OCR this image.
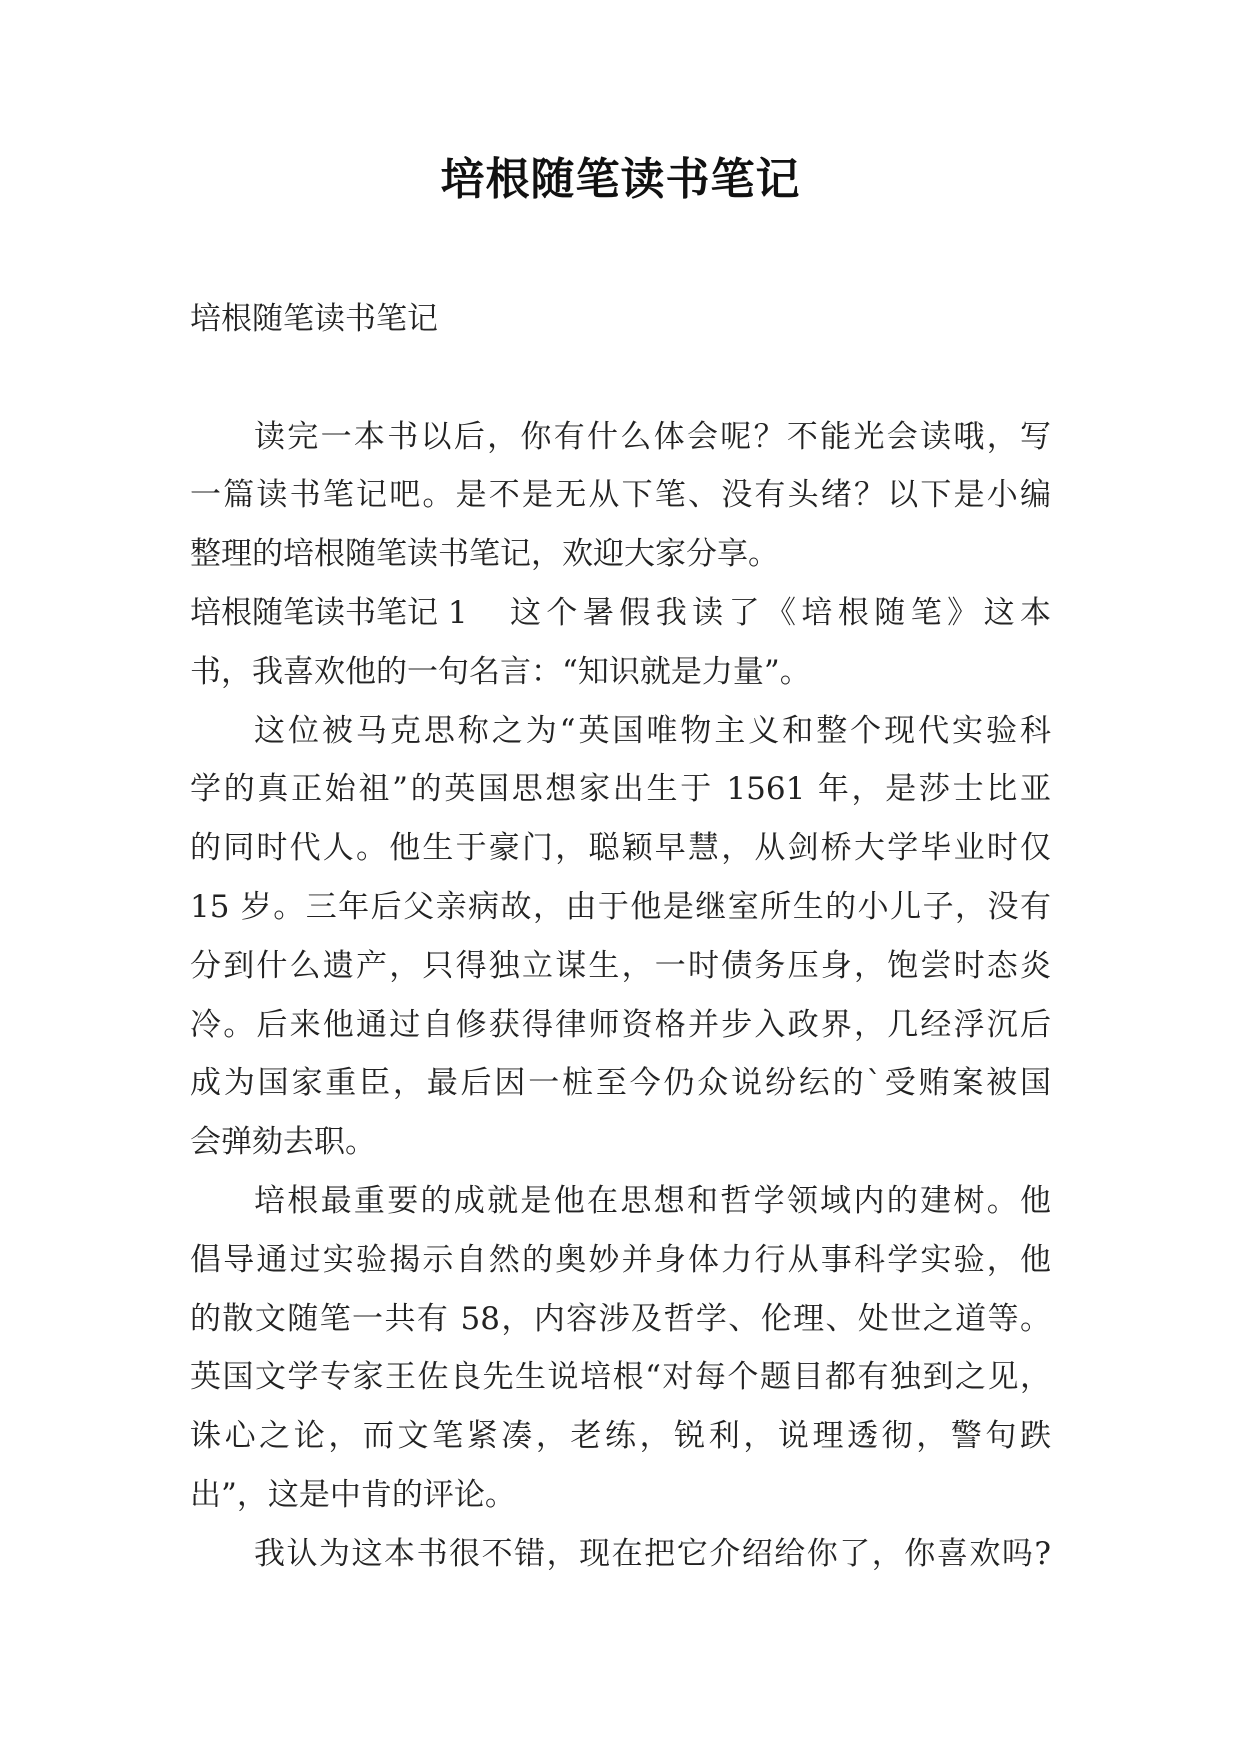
培根随笔读书笔记
培根随笔读书笔记
读完一本书以后，你有什么体会呢？不能光会读哦，写
一篇读书笔记吧。是不是无从下笔、没有头绪？以下是小编
整理的培根随笔读书笔记，欢迎大家分享。
培根随笔读书笔记 1	这个暑假我读了《培根随笔》这本
书，我喜欢他的一句名言：“知识就是力量”。
这位被马克思称之为“英国唯物主义和整个现代实验科
学的真正始祖”的英国思想家出生于 1561 年，是莎士比亚
的同时代人。他生于豪门，聪颖早慧，从剑桥大学毕业时仅
15 岁。三年后父亲病故，由于他是继室所生的小儿子，没有
分到什么遗产，只得独立谋生，一时债务压身，饱尝时态炎
冷。后来他通过自修获得律师资格并步入政界，几经浮沉后
成为国家重臣，最后因一桩至今仍众说纷纭的`受贿案被国
会弹劾去职。
培根最重要的成就是他在思想和哲学领域内的建树。他
倡导通过实验揭示自然的奥妙并身体力行从事科学实验，他
的散文随笔一共有 58，内容涉及哲学、伦理、处世之道等。
英国文学专家王佐良先生说培根“对每个题目都有独到之见，
诛心之论，而文笔紧凑，老练，锐利，说理透彻，警句跌
出”，这是中肯的评论。
我认为这本书很不错，现在把它介绍给你了，你喜欢吗?
